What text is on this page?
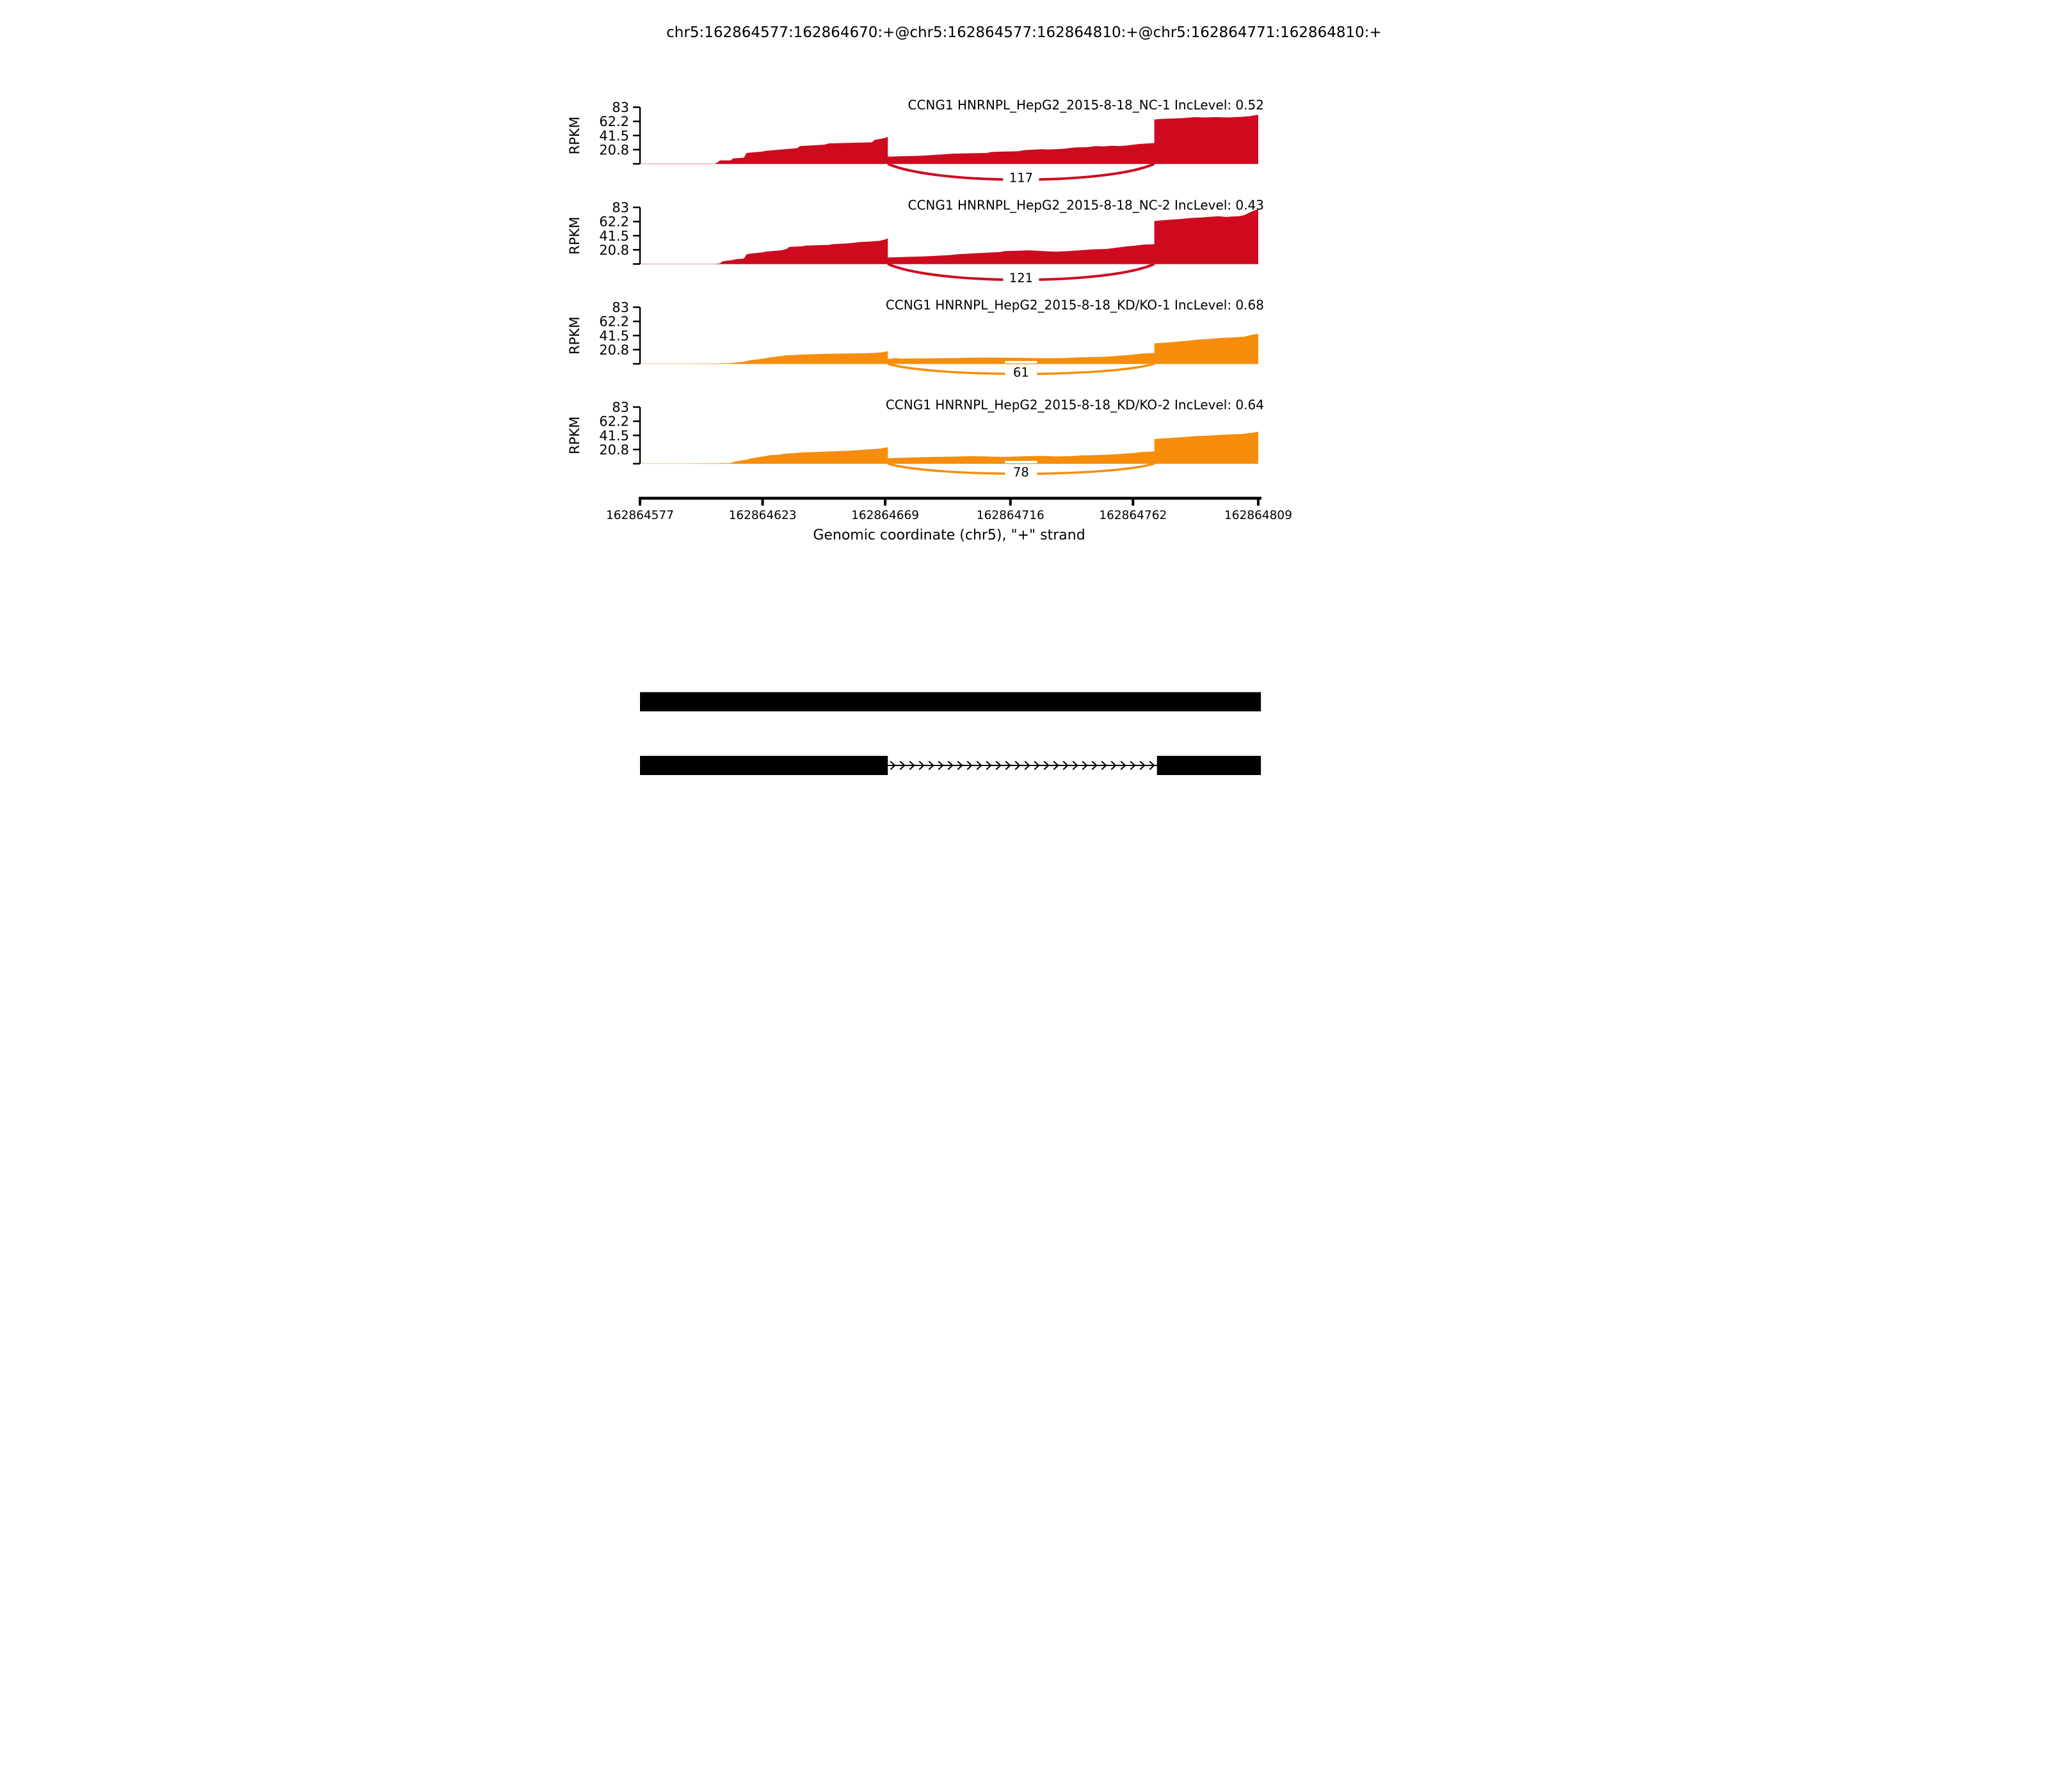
chr5:162864577:162864670:+@chr5:162864577:162864810:+@chr5:162864771:162864810:+
117
83
62.2
41.5
20.8
RPKM
CCNG1 HNRNPL_HepG2_2015-8-18_NC-1 IncLevel: 0.52
121
83
62.2
41.5
20.8
RPKM
CCNG1 HNRNPL_HepG2_2015-8-18_NC-2 IncLevel: 0.43
61
83
62.2
41.5
20.8
RPKM
CCNG1 HNRNPL_HepG2_2015-8-18_KD/KO-1 IncLevel: 0.68
78
83
62.2
41.5
20.8
RPKM
CCNG1 HNRNPL_HepG2_2015-8-18_KD/KO-2 IncLevel: 0.64
162864577 162864623 162864669 162864716 162864762 162864809
Genomic coordinate (chr5), "+" strand
